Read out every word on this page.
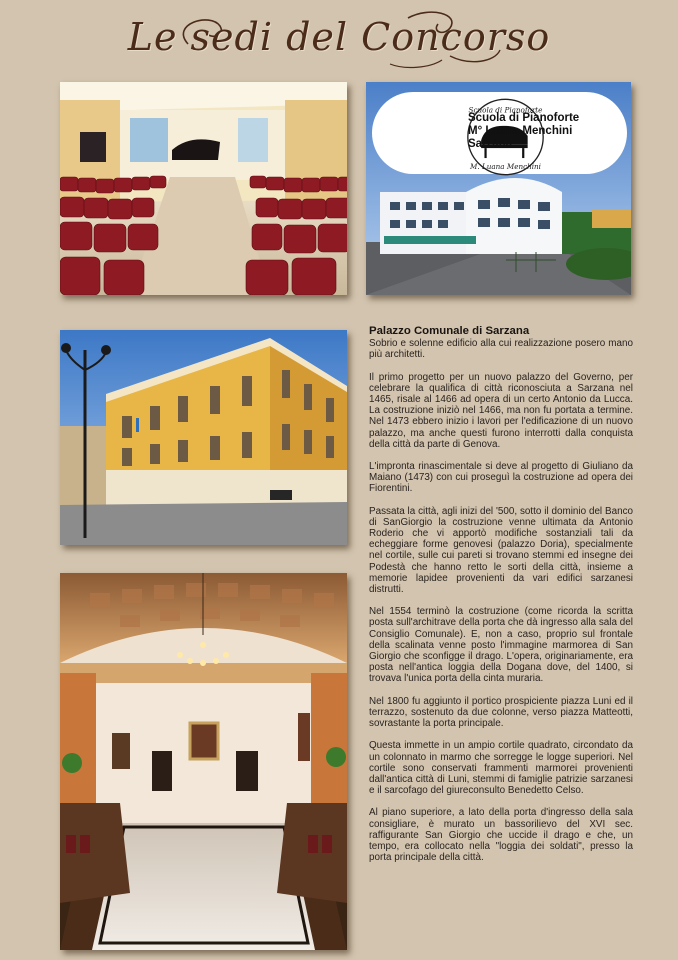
Le sedi del Concorso
Scuola di Pianoforte
M. Luana Menchini
Scuola di Pianoforte
M° Luana Menchini
Sarzana
Palazzo Comunale di Sarzana

Sobrio e solenne edificio alla cui realizzazione posero mano più architetti.

Il primo progetto per un nuovo palazzo del Governo, per celebrare la qualifica di città riconosciuta a Sarzana nel 1465, risale al 1466 ad opera di un certo Antonio da Lucca. La costruzione iniziò nel 1466, ma non fu portata a termine. Nel 1473 ebbero inizio i lavori per l'edificazione di un nuovo palazzo, ma anche questi furono interrotti dalla conquista della città da parte di Genova.

L'impronta rinascimentale si deve al progetto di Giuliano da Maiano (1473) con cui proseguì la costruzione ad opera dei Fiorentini.

Passata la città, agli inizi del '500, sotto il dominio del Banco di SanGiorgio la costruzione venne ultimata da Antonio Roderio che vi apportò modifiche sostanziali tali da echeggiare forme genovesi (palazzo Doria), specialmente nel cortile, sulle cui pareti si trovano stemmi ed insegne dei Podestà che hanno retto le sorti della città, insieme a memorie lapidee provenienti da vari edifici sarzanesi distrutti.

Nel 1554 terminò la costruzione (come ricorda la scritta posta sull'architrave della porta che dà ingresso alla sala del Consiglio Comunale). E, non a caso, proprio sul frontale della scalinata venne posto l'immagine marmorea di San Giorgio che sconfigge il drago. L'opera, originariamente, era posta nell'antica loggia della Dogana dove, del 1400, si trovava l'unica porta della cinta muraria.

Nel 1800 fu aggiunto il portico prospiciente piazza Luni ed il terrazzo, sostenuto da due colonne, verso piazza Matteotti, sovrastante la porta principale.

Questa immette in un ampio cortile quadrato, circondato da un colonnato in marmo che sorregge le logge superiori. Nel cortile sono conservati frammenti marmorei provenienti dall'antica città di Luni, stemmi di famiglie patrizie sarzanesi e il sarcofago del giureconsulto Benedetto Celso.

Al piano superiore, a lato della porta d'ingresso della sala consigliare, è murato un bassorilievo del XVI sec. raffigurante San Giorgio che uccide il drago e che, un tempo, era collocato nella "loggia dei soldati", presso la porta principale della città.
